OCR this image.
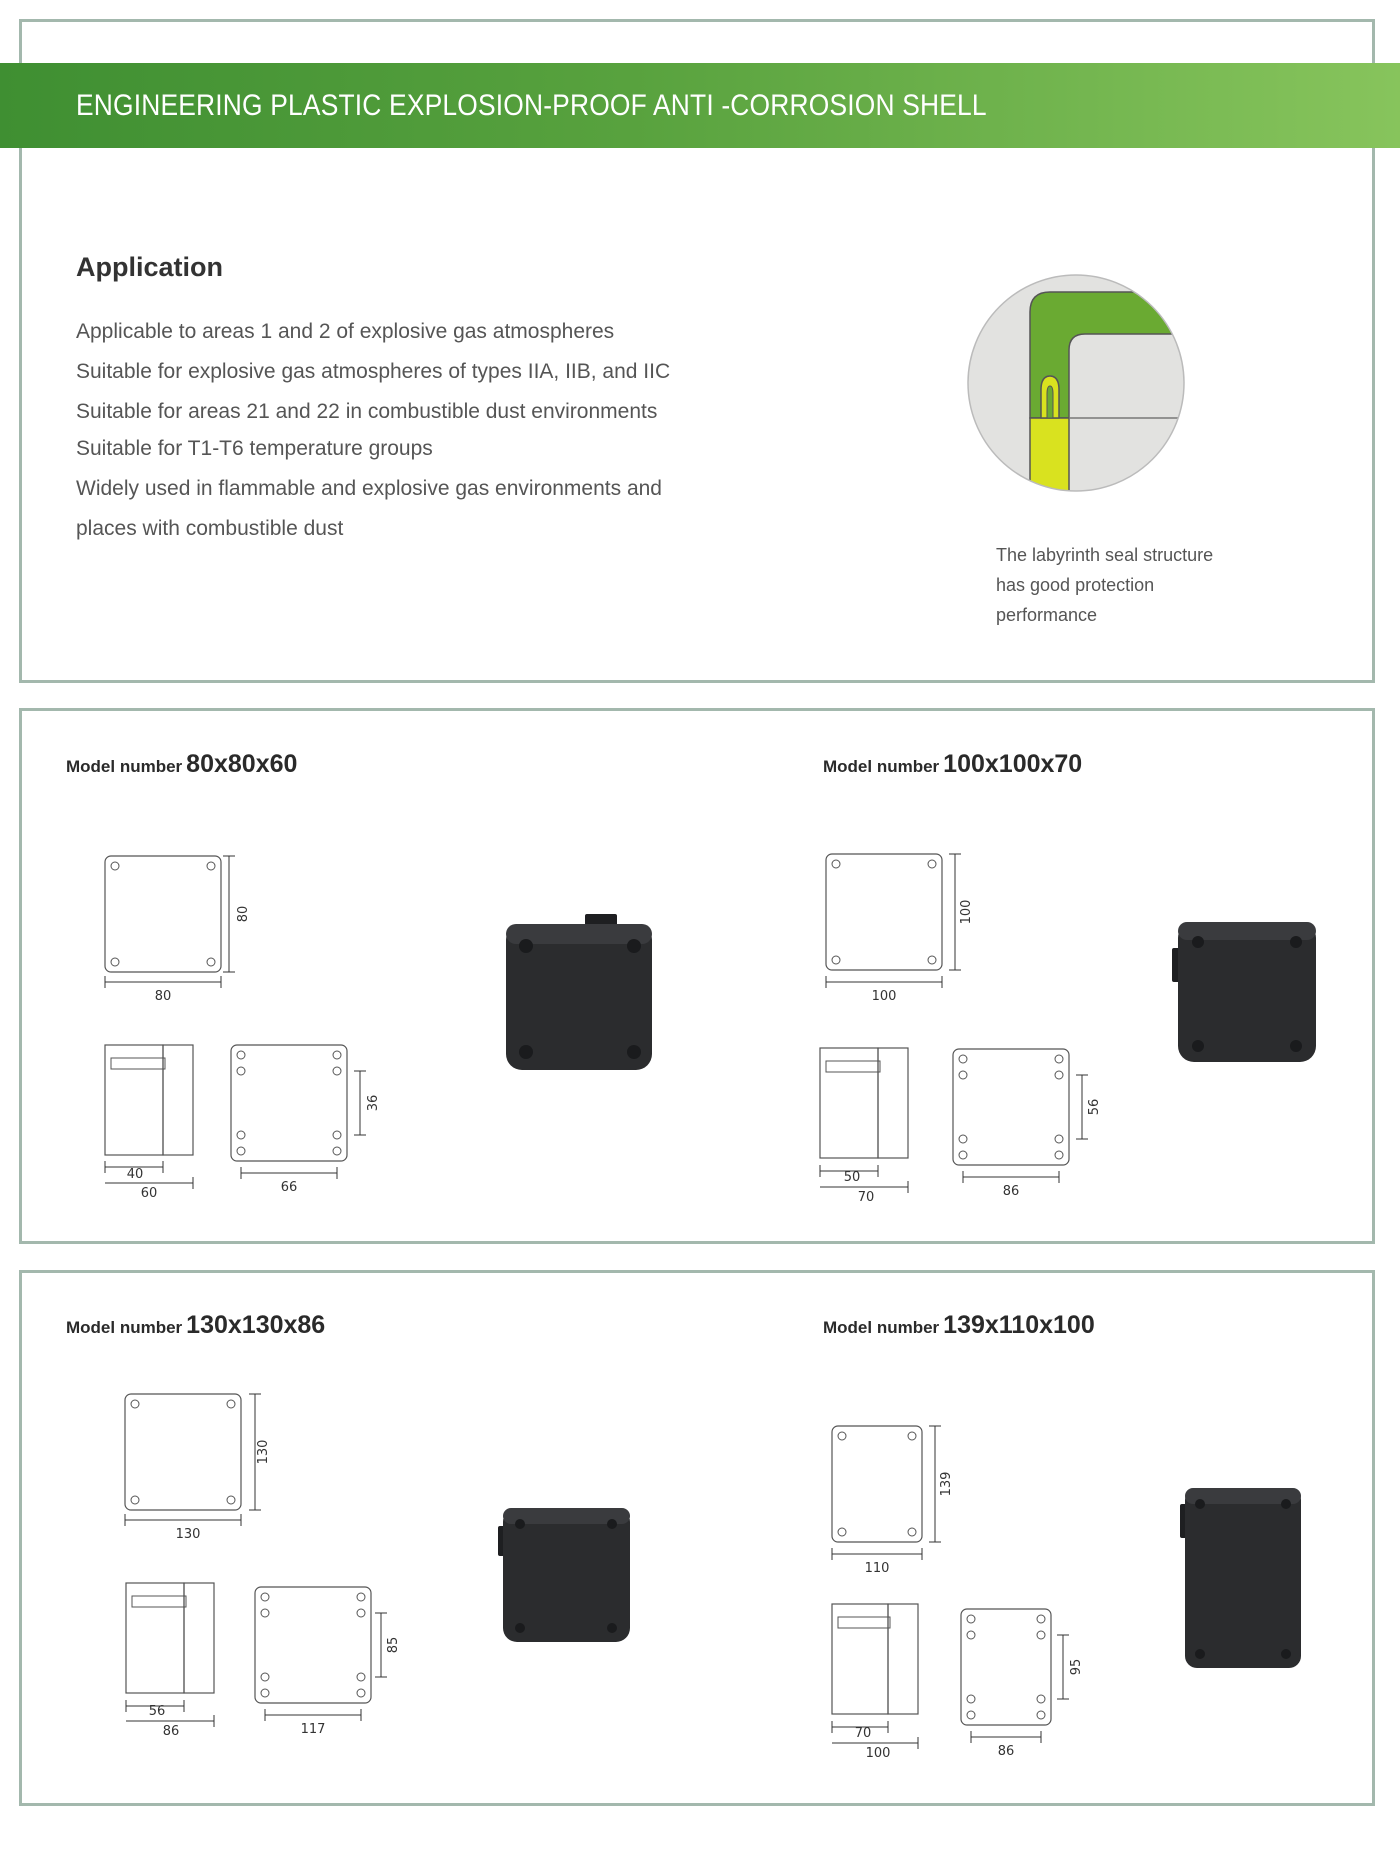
ENGINEERING PLASTIC EXPLOSION-PROOF ANTI -CORROSION SHELL
Application
Applicable to areas 1 and 2 of explosive gas atmospheres
Suitable for explosive gas atmospheres of types IIA, IIB, and IIC
Suitable for areas 21 and 22 in combustible dust environments
Suitable for T1-T6 temperature groups
Widely used in flammable and explosive gas environments and
places with combustible dust
The labyrinth seal structure
has good protection
performance
Model number 80x80x60
80
80
40
60
36
66
Model number 100x100x70
100
100
50
70
56
86
Model number 130x130x86
130
130
56
86
85
117
Model number 139x110x100
139
110
70
100
95
86
